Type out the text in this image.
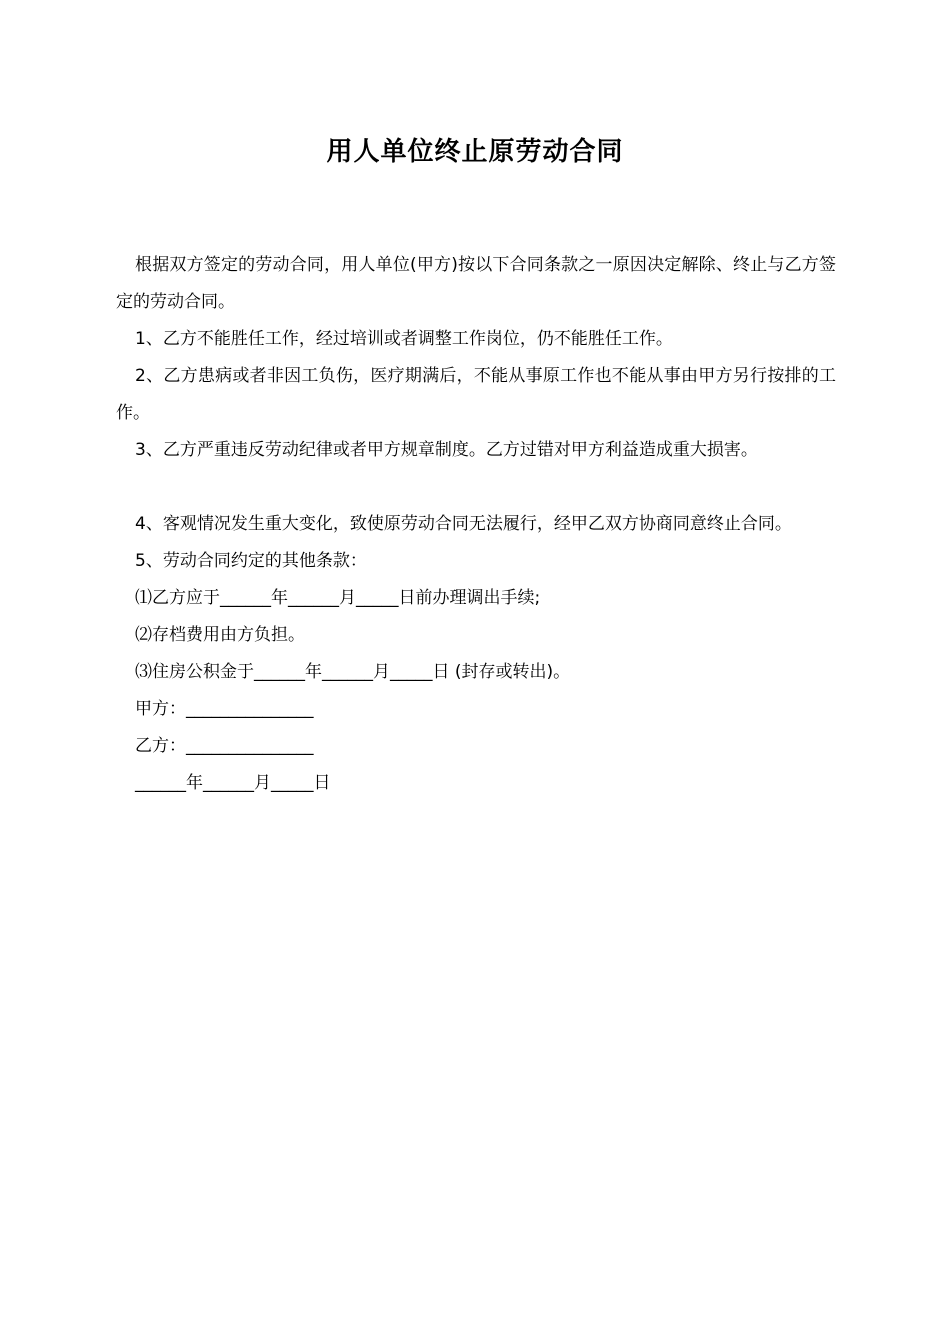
用人单位终止原劳动合同

根据双方签定的劳动合同，用人单位(甲方)按以下合同条款之一原因决定解除、终止与乙方签定的劳动合同。

1、乙方不能胜任工作，经过培训或者调整工作岗位，仍不能胜任工作。

2、乙方患病或者非因工负伤，医疗期满后，不能从事原工作也不能从事由甲方另行按排的工作。

3、乙方严重违反劳动纪律或者甲方规章制度。乙方过错对甲方利益造成重大损害。

4、客观情况发生重大变化，致使原劳动合同无法履行，经甲乙双方协商同意终止合同。

5、劳动合同约定的其他条款：

⑴乙方应于______年______月_____日前办理调出手续;

⑵存档费用由方负担。

⑶住房公积金于______年______月_____日 (封存或转出)。

甲方：_______________

乙方：_______________

______年______月_____日
